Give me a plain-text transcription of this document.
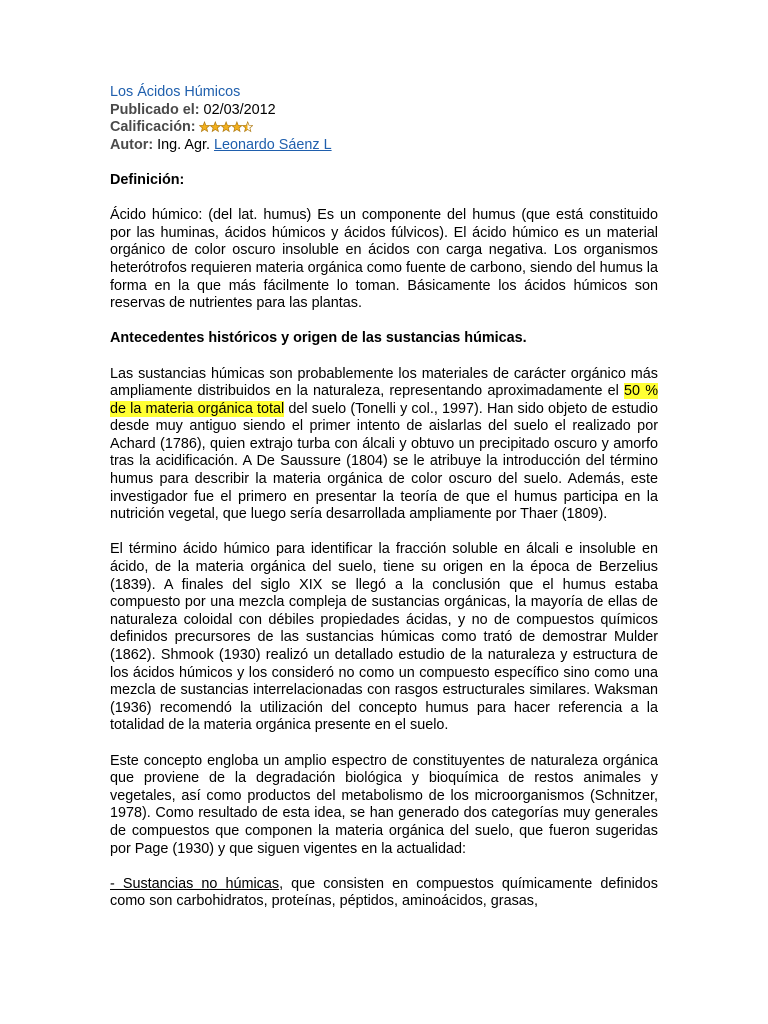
Los Ácidos Húmicos
Publicado el: 02/03/2012
Calificación:
Autor: Ing. Agr. Leonardo Sáenz L
Definición:

Ácido húmico: (del lat. humus) Es un componente del humus (que está constituido por las huminas, ácidos húmicos y ácidos fúlvicos). El ácido húmico es un material orgánico de color oscuro insoluble en ácidos con carga negativa. Los organismos heterótrofos requieren materia orgánica como fuente de carbono, siendo del humus la forma en la que más fácilmente lo toman. Básicamente los ácidos húmicos son reservas de nutrientes para las plantas.

Antecedentes históricos y origen de las sustancias húmicas.

Las sustancias húmicas son probablemente los materiales de carácter orgánico más ampliamente distribuidos en la naturaleza, representando aproximadamente el 50 % de la materia orgánica total del suelo (Tonelli y col., 1997). Han sido objeto de estudio desde muy antiguo siendo el primer intento de aislarlas del suelo el realizado por Achard (1786), quien extrajo turba con álcali y obtuvo un precipitado oscuro y amorfo tras la acidificación. A De Saussure (1804) se le atribuye la introducción del término humus para describir la materia orgánica de color oscuro del suelo. Además, este investigador fue el primero en presentar la teoría de que el humus participa en la nutrición vegetal, que luego sería desarrollada ampliamente por Thaer (1809).

El término ácido húmico para identificar la fracción soluble en álcali e insoluble en ácido, de la materia orgánica del suelo, tiene su origen en la época de Berzelius (1839). A finales del siglo XIX se llegó a la conclusión que el humus estaba compuesto por una mezcla compleja de sustancias orgánicas, la mayoría de ellas de naturaleza coloidal con débiles propiedades ácidas, y no de compuestos químicos definidos precursores de las sustancias húmicas como trató de demostrar Mulder (1862). Shmook (1930) realizó un detallado estudio de la naturaleza y estructura de los ácidos húmicos y los consideró no como un compuesto específico sino como una mezcla de sustancias interrelacionadas con rasgos estructurales similares. Waksman (1936) recomendó la utilización del concepto humus para hacer referencia a la totalidad de la materia orgánica presente en el suelo.

Este concepto engloba un amplio espectro de constituyentes de naturaleza orgánica que proviene de la degradación biológica y bioquímica de restos animales y vegetales, así como productos del metabolismo de los microorganismos (Schnitzer, 1978). Como resultado de esta idea, se han generado dos categorías muy generales de compuestos que componen la materia orgánica del suelo, que fueron sugeridas por Page (1930) y que siguen vigentes en la actualidad:

- Sustancias no húmicas, que consisten en compuestos químicamente definidos como son carbohidratos, proteínas, péptidos, aminoácidos, grasas,
